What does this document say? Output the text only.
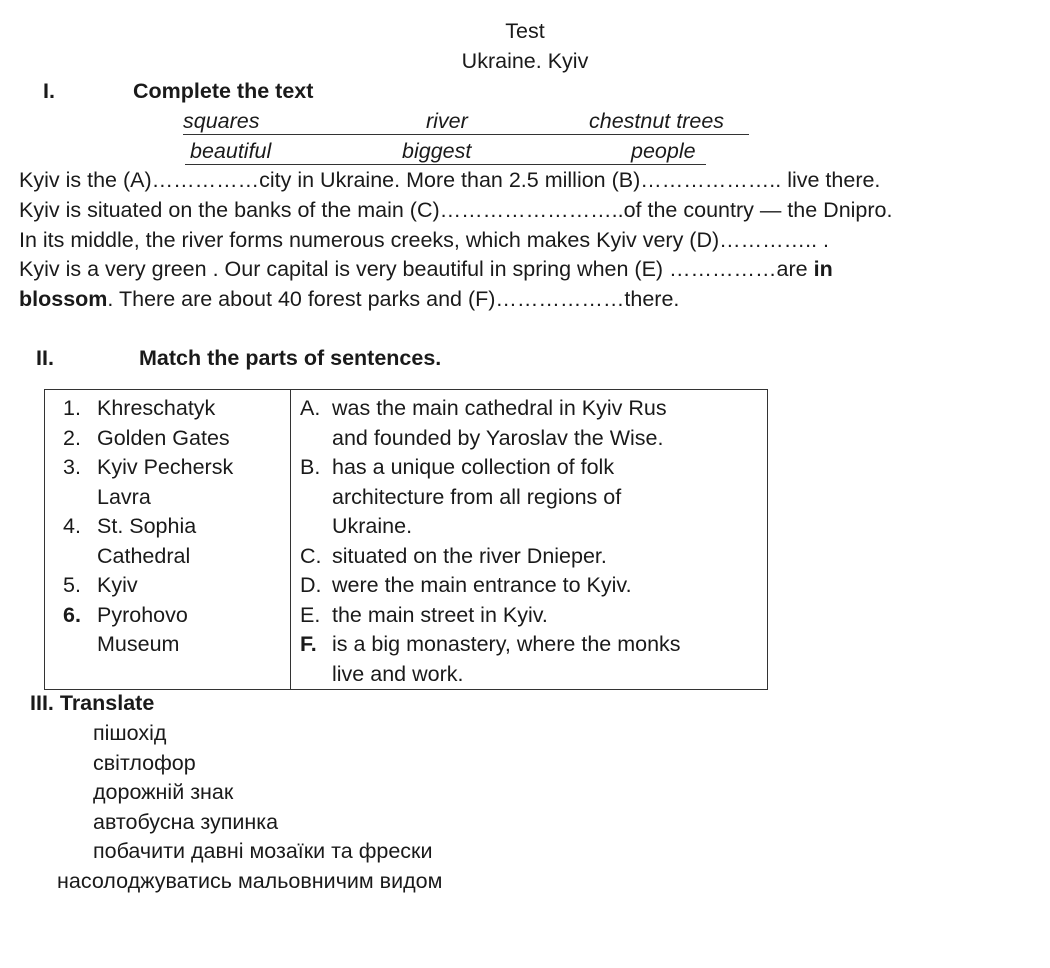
Test
Ukraine. Kyiv
I.	Complete the text
squares	river	chestnut trees
beautiful	biggest	people
Kyiv is the (A)……………city in Ukraine. More than 2.5 million (B)……………….. live there.
Kyiv is situated on the banks of the main (C)……………………..of the country — the Dnipro.
In its middle, the river forms numerous creeks, which makes Kyiv very (D)………….. .
Kyiv is a very green . Our capital is very beautiful in spring when (E) ……………are in
blossom. There are about 40 forest parks and (F)………………there.
II.	Match the parts of sentences.
1. Khreschatyk
2. Golden Gates
3. Kyiv Pechersk
Lavra
4. St. Sophia
Cathedral
5. Kyiv
6. Pyrohovo
Museum

A. was the main cathedral in Kyiv Rus
and founded by Yaroslav the Wise.
B. has a unique collection of folk
architecture from all regions of
Ukraine.
C. situated on the river Dnieper.
D. were the main entrance to Kyiv.
E. the main street in Kyiv.
F. is a big monastery, where the monks
live and work.
III. Translate
пішохід
світлофор
дорожній знак
автобусна зупинка
побачити давні мозаїки та фрески
насолоджуватись мальовничим видом
